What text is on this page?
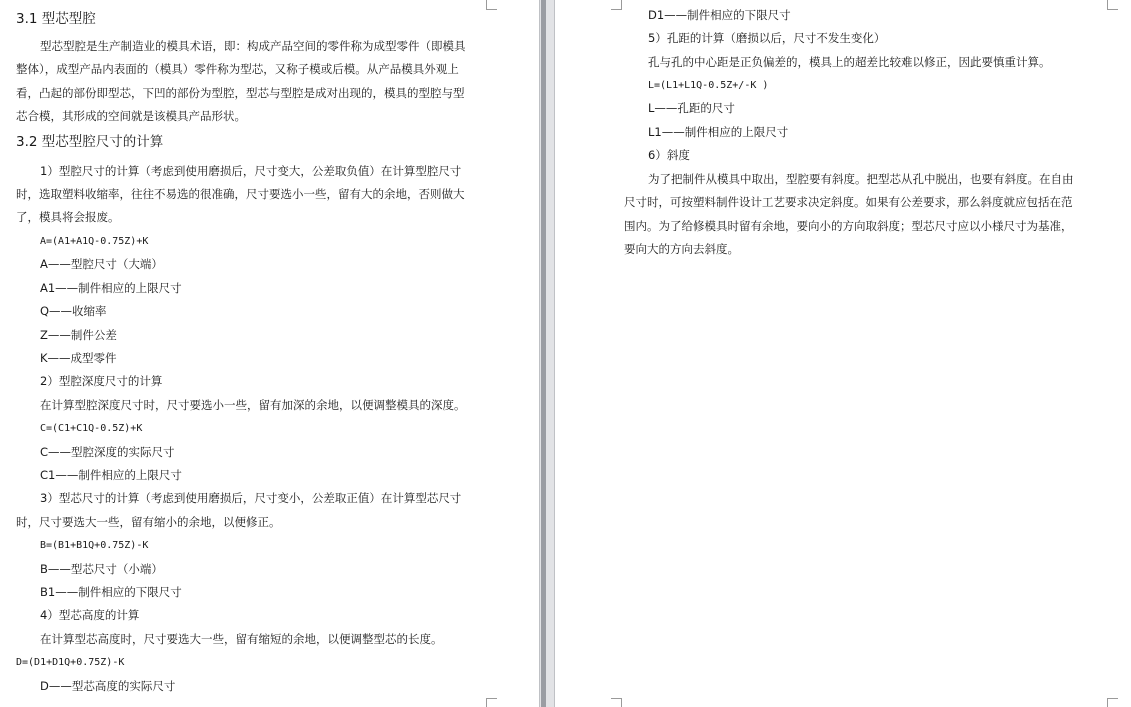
3.1 型芯型腔
型芯型腔是生产制造业的模具术语，即：构成产品空间的零件称为成型零件（即模具
整体），成型产品内表面的（模具）零件称为型芯，又称子模或后模。从产品模具外观上
看，凸起的部份即型芯，下凹的部份为型腔，型芯与型腔是成对出现的，模具的型腔与型
芯合模，其形成的空间就是该模具产品形状。
3.2 型芯型腔尺寸的计算
1）型腔尺寸的计算（考虑到使用磨损后，尺寸变大，公差取负值）在计算型腔尺寸
时，选取塑料收缩率，往往不易选的很准确，尺寸要选小一些，留有大的余地，否则做大
了，模具将会报废。
A=(A1+A1Q-0.75Z)+K
A——型腔尺寸（大端）
A1——制件相应的上限尺寸
Q——收缩率
Z——制件公差
K——成型零件
2）型腔深度尺寸的计算
在计算型腔深度尺寸时，尺寸要选小一些，留有加深的余地，以便调整模具的深度。
C=(C1+C1Q-0.5Z)+K
C——型腔深度的实际尺寸
C1——制件相应的上限尺寸
3）型芯尺寸的计算（考虑到使用磨损后，尺寸变小，公差取正值）在计算型芯尺寸
时，尺寸要选大一些，留有缩小的余地，以便修正。
B=(B1+B1Q+0.75Z)-K
B——型芯尺寸（小端）
B1——制件相应的下限尺寸
4）型芯高度的计算
在计算型芯高度时，尺寸要选大一些，留有缩短的余地，以便调整型芯的长度。
D=(D1+D1Q+0.75Z)-K
D——型芯高度的实际尺寸
D1——制件相应的下限尺寸
5）孔距的计算（磨损以后，尺寸不发生变化）
孔与孔的中心距是正负偏差的，模具上的超差比较难以修正，因此要慎重计算。
L=(L1+L1Q-0.5Z+/-K )
L——孔距的尺寸
L1——制件相应的上限尺寸
6）斜度
为了把制件从模具中取出，型腔要有斜度。把型芯从孔中脱出，也要有斜度。在自由
尺寸时，可按塑料制件设计工艺要求决定斜度。如果有公差要求，那么斜度就应包括在范
围内。为了给修模具时留有余地，要向小的方向取斜度；型芯尺寸应以小様尺寸为基准，
要向大的方向去斜度。
